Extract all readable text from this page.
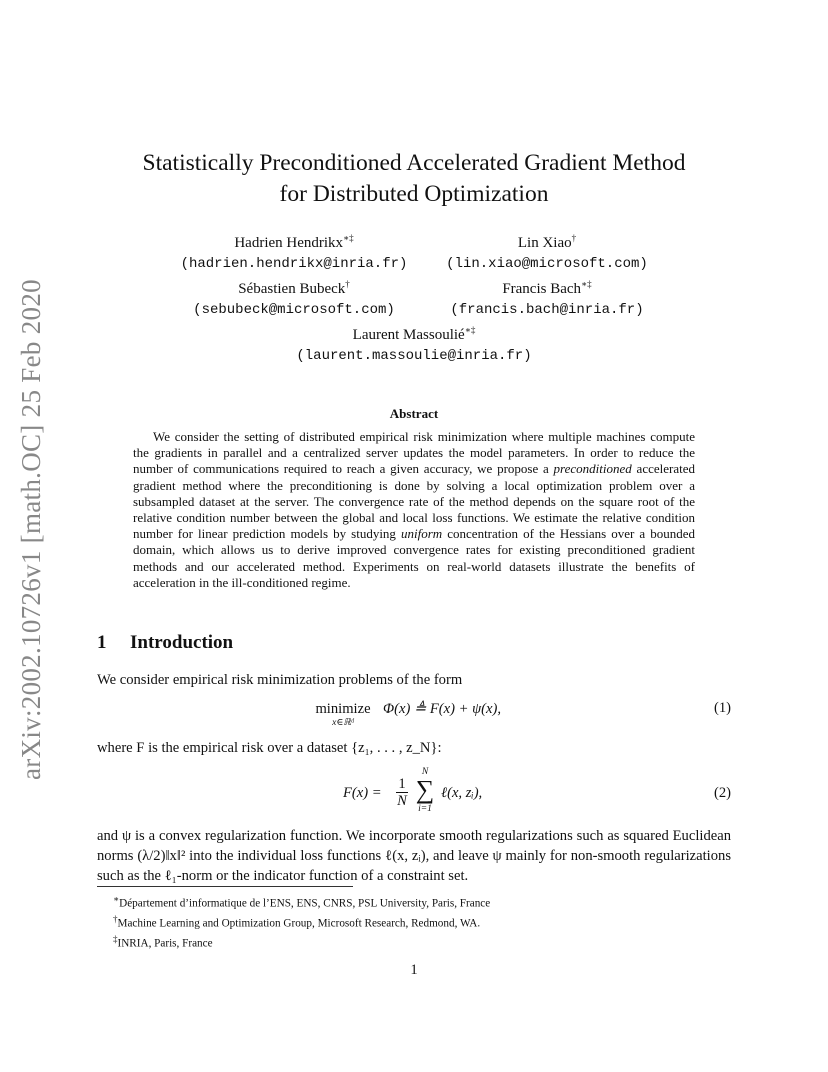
arXiv:2002.10726v1 [math.OC] 25 Feb 2020
Statistically Preconditioned Accelerated Gradient Method
for Distributed Optimization
Hadrien Hendrikx∗‡
(hadrien.hendrikx@inria.fr)
Lin Xiao†
(lin.xiao@microsoft.com)
Sébastien Bubeck†
(sebubeck@microsoft.com)
Francis Bach∗‡
(francis.bach@inria.fr)
Laurent Massoulié∗‡
(laurent.massoulie@inria.fr)
Abstract
We consider the setting of distributed empirical risk minimization where multiple machines compute the gradients in parallel and a centralized server updates the model parameters. In order to reduce the number of communications required to reach a given accuracy, we propose a preconditioned accelerated gradient method where the preconditioning is done by solving a local optimization problem over a subsampled dataset at the server. The convergence rate of the method depends on the square root of the relative condition number between the global and local loss functions. We estimate the relative condition number for linear prediction models by studying uniform concentration of the Hessians over a bounded domain, which allows us to derive improved convergence rates for existing preconditioned gradient methods and our accelerated method. Experiments on real-world datasets illustrate the benefits of acceleration in the ill-conditioned regime.
1 Introduction
We consider empirical risk minimization problems of the form
minimize
x∈ℝᵈ
Φ(x) ≜ F(x) + ψ(x),	(1)
where F is the empirical risk over a dataset {z₁, . . . , z_N}:
$F(x) = \frac{1}{N}$
N
∑
i=1
ℓ(x, zᵢ),	(2)
and ψ is a convex regularization function. We incorporate smooth regularizations such as squared Euclidean norms (λ/2)‖x‖² into the individual loss functions ℓ(x, zᵢ), and leave ψ mainly for non-smooth regularizations such as the ℓ₁-norm or the indicator function of a constraint set.
∗Département d’informatique de l’ENS, ENS, CNRS, PSL University, Paris, France
†Machine Learning and Optimization Group, Microsoft Research, Redmond, WA.
‡INRIA, Paris, France
1
